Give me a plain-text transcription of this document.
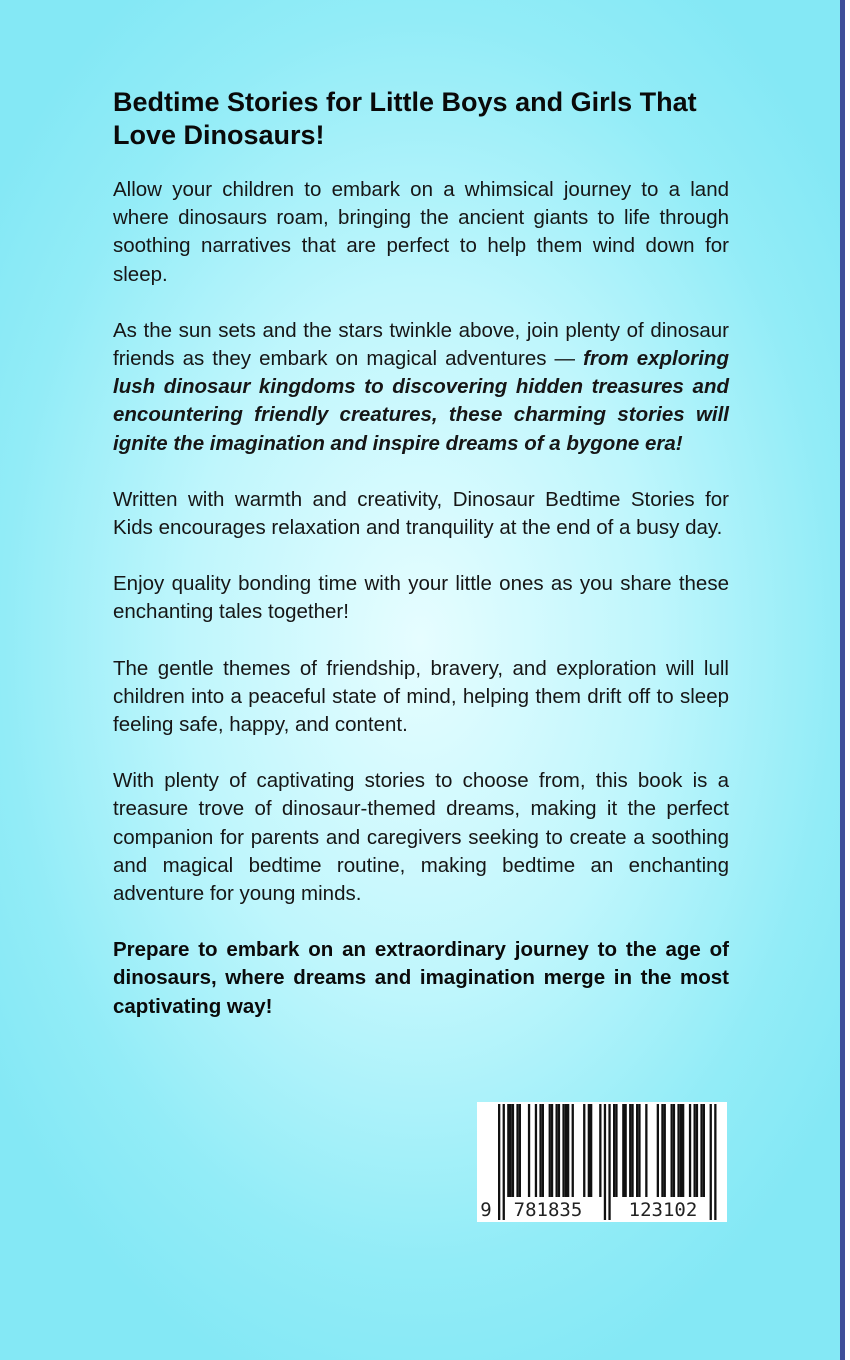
Bedtime Stories for Little Boys and Girls That Love Dinosaurs!

Allow your children to embark on a whimsical journey to a land where dinosaurs roam, bringing the ancient giants to life through soothing narratives that are perfect to help them wind down for sleep.

As the sun sets and the stars twinkle above, join plenty of dinosaur friends as they embark on magical adventures — from exploring lush dinosaur kingdoms to discovering hidden treasures and encountering friendly creatures, these charming stories will ignite the imagination and inspire dreams of a bygone era!

Written with warmth and creativity, Dinosaur Bedtime Stories for Kids encourages relaxation and tranquility at the end of a busy day.

Enjoy quality bonding time with your little ones as you share these enchanting tales together!

The gentle themes of friendship, bravery, and exploration will lull children into a peaceful state of mind, helping them drift off to sleep feeling safe, happy, and content.

With plenty of captivating stories to choose from, this book is a treasure trove of dinosaur-themed dreams, making it the perfect companion for parents and caregivers seeking to create a soothing and magical bedtime routine, making bedtime an enchanting adventure for young minds.

Prepare to embark on an extraordinary journey to the age of dinosaurs, where dreams and imagination merge in the most captivating way!

9 781835 123102
